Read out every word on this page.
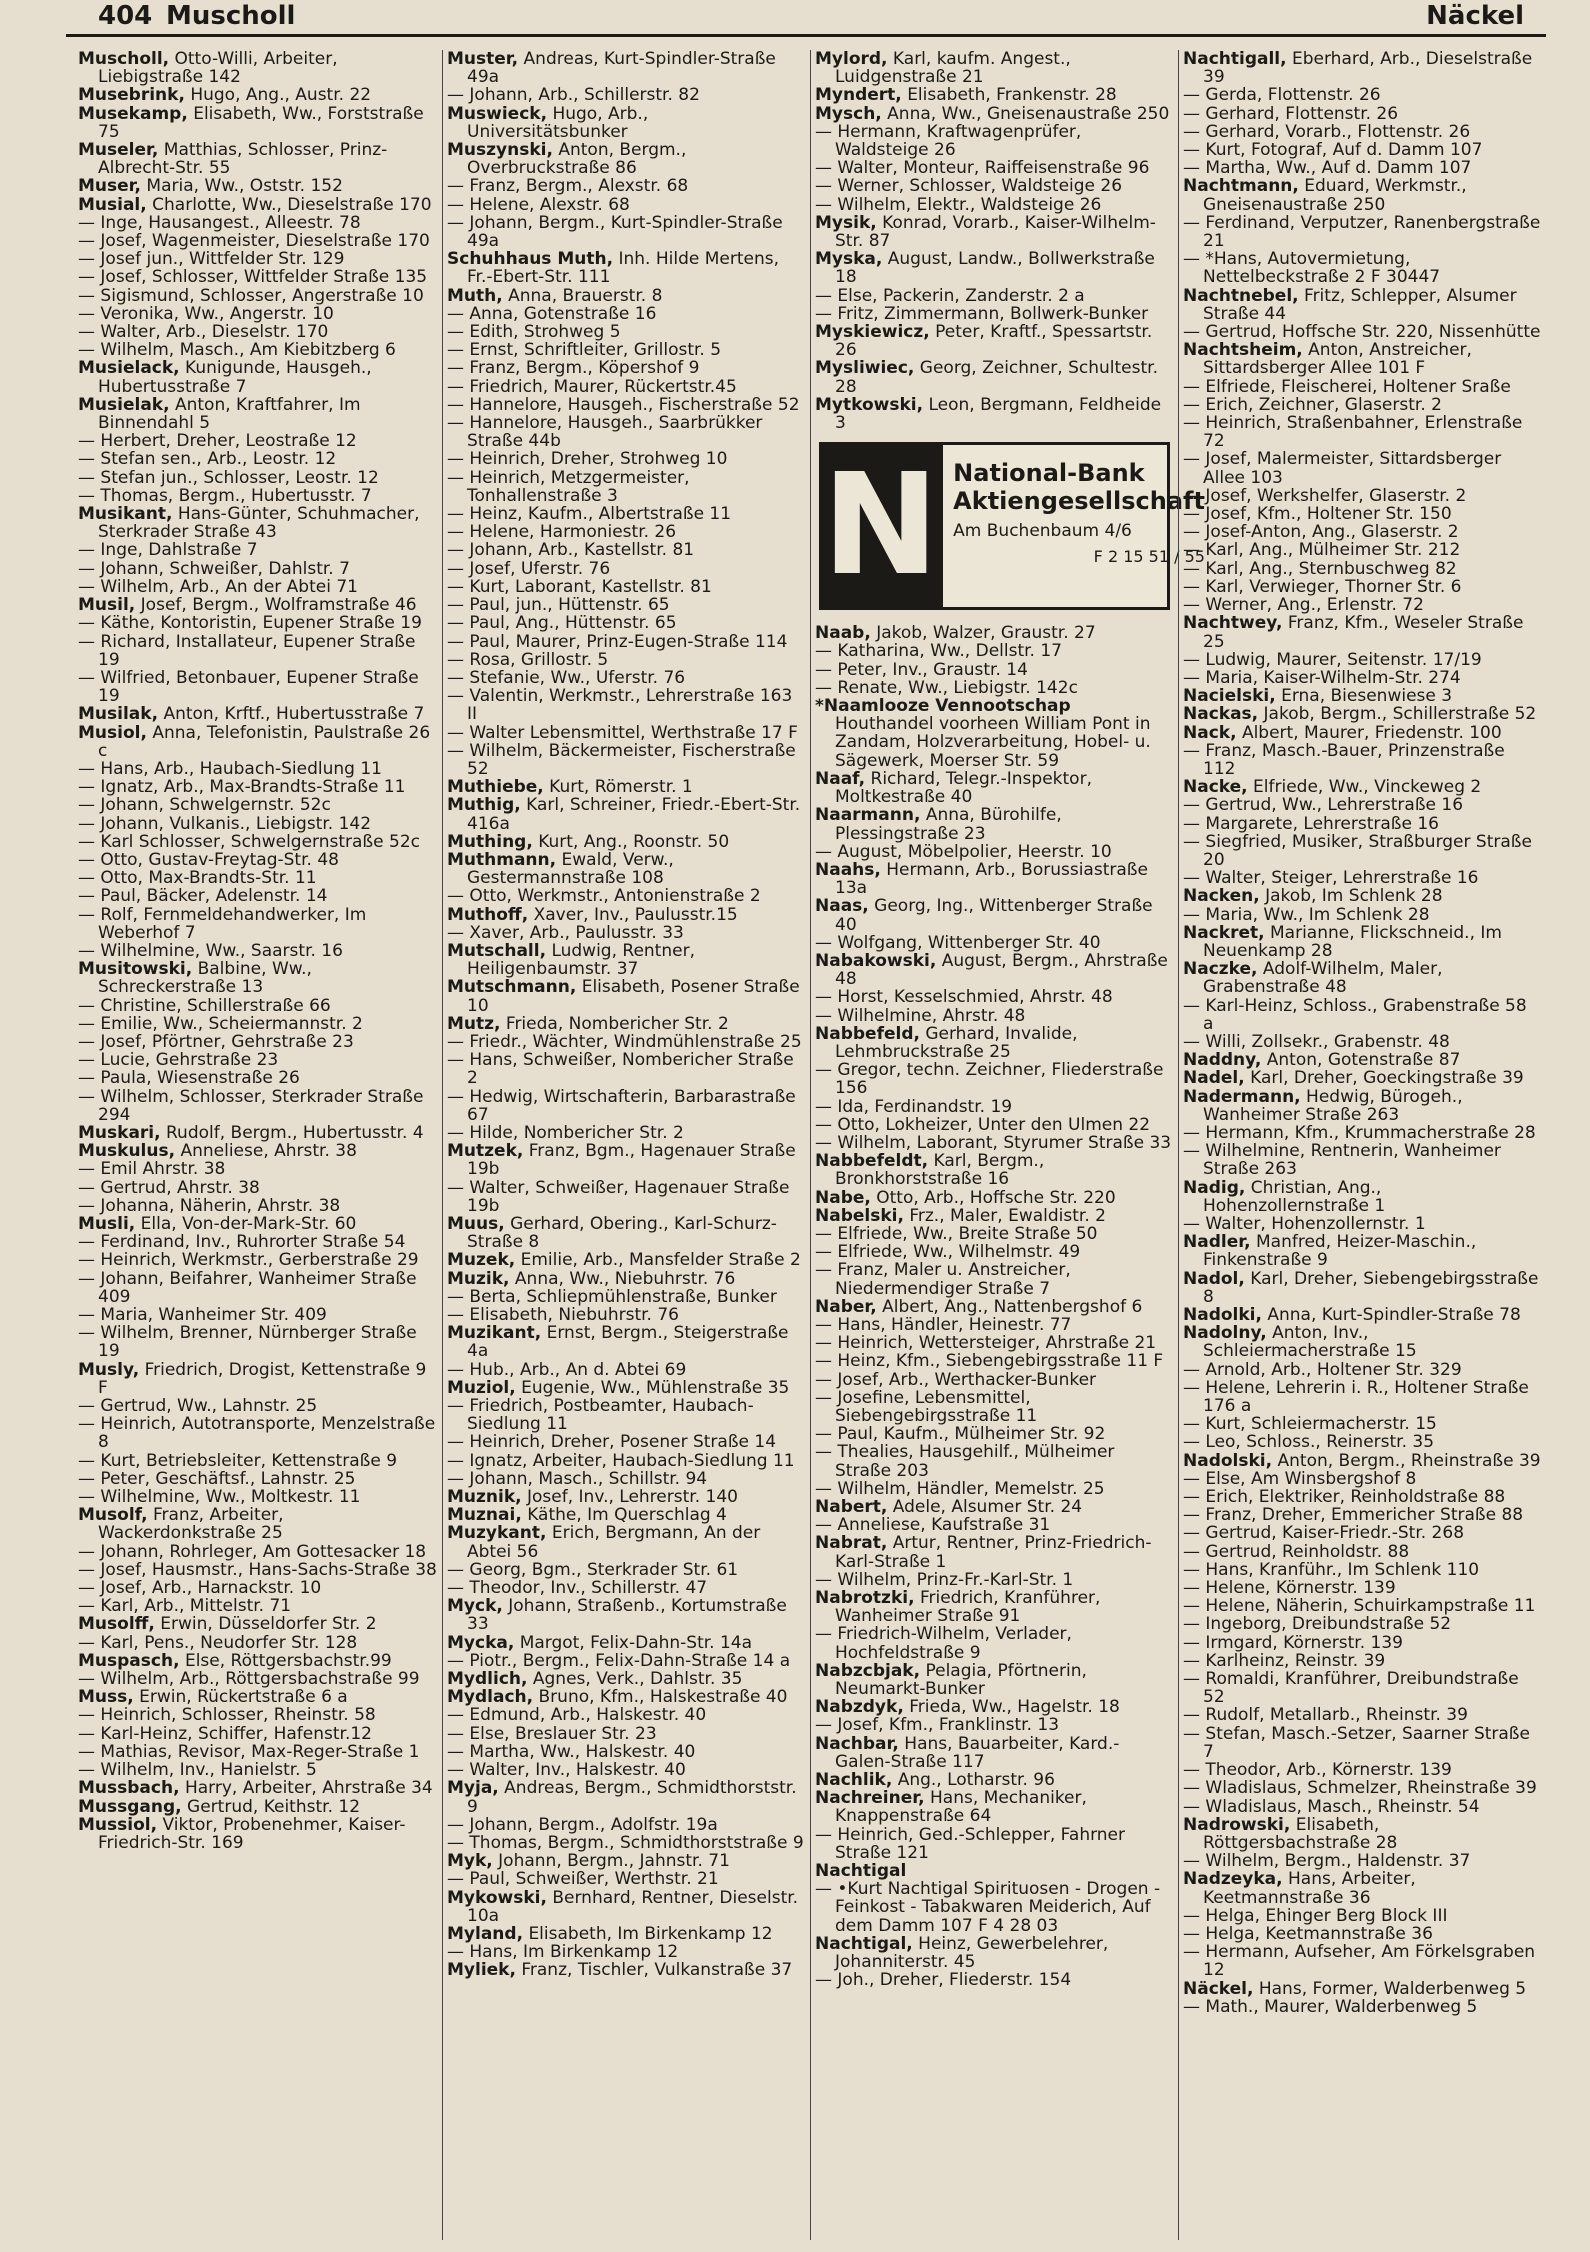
404 Muscholl	Näckel

Muscholl, Otto-Willi, Arbeiter, Liebigstraße 142

Musebrink, Hugo, Ang., Austr. 22

Musekamp, Elisabeth, Ww., Forststraße 75

Museler, Matthias, Schlosser, Prinz-Albrecht-Str. 55

Muser, Maria, Ww., Oststr. 152

Musial, Charlotte, Ww., Dieselstraße 170

— Inge, Hausangest., Alleestr. 78

— Josef, Wagenmeister, Dieselstraße 170

— Josef jun., Wittfelder Str. 129

— Josef, Schlosser, Wittfelder Straße 135

— Sigismund, Schlosser, Angerstraße 10

— Veronika, Ww., Angerstr. 10

— Walter, Arb., Dieselstr. 170

— Wilhelm, Masch., Am Kiebitzberg 6

Musielack, Kunigunde, Hausgeh., Hubertusstraße 7

Musielak, Anton, Kraftfahrer, Im Binnendahl 5

— Herbert, Dreher, Leostraße 12

— Stefan sen., Arb., Leostr. 12

— Stefan jun., Schlosser, Leostr. 12

— Thomas, Bergm., Hubertusstr. 7

Musikant, Hans-Günter, Schuhmacher, Sterkrader Straße 43

— Inge, Dahlstraße 7

— Johann, Schweißer, Dahlstr. 7

— Wilhelm, Arb., An der Abtei 71

Musil, Josef, Bergm., Wolframstraße 46

— Käthe, Kontoristin, Eupener Straße 19

— Richard, Installateur, Eupener Straße 19

— Wilfried, Betonbauer, Eupener Straße 19

Musilak, Anton, Krftf., Hubertusstraße 7

Musiol, Anna, Telefonistin, Paulstraße 26 c

— Hans, Arb., Haubach-Siedlung 11

— Ignatz, Arb., Max-Brandts-Straße 11

— Johann, Schwelgernstr. 52c

— Johann, Vulkanis., Liebigstr. 142

— Karl Schlosser, Schwelgernstraße 52c

— Otto, Gustav-Freytag-Str. 48

— Otto, Max-Brandts-Str. 11

— Paul, Bäcker, Adelenstr. 14

— Rolf, Fernmeldehandwerker, Im Weberhof 7

— Wilhelmine, Ww., Saarstr. 16

Musitowski, Balbine, Ww., Schreckerstraße 13

— Christine, Schillerstraße 66

— Emilie, Ww., Scheiermannstr. 2

— Josef, Pförtner, Gehrstraße 23

— Lucie, Gehrstraße 23

— Paula, Wiesenstraße 26

— Wilhelm, Schlosser, Sterkrader Straße 294

Muskari, Rudolf, Bergm., Hubertusstr. 4

Muskulus, Anneliese, Ahrstr. 38

— Emil Ahrstr. 38

— Gertrud, Ahrstr. 38

— Johanna, Näherin, Ahrstr. 38

Musli, Ella, Von-der-Mark-Str. 60

— Ferdinand, Inv., Ruhrorter Straße 54

— Heinrich, Werkmstr., Gerberstraße 29

— Johann, Beifahrer, Wanheimer Straße 409

— Maria, Wanheimer Str. 409

— Wilhelm, Brenner, Nürnberger Straße 19

Musly, Friedrich, Drogist, Kettenstraße 9 F

— Gertrud, Ww., Lahnstr. 25

— Heinrich, Autotransporte, Menzelstraße 8

— Kurt, Betriebsleiter, Kettenstraße 9

— Peter, Geschäftsf., Lahnstr. 25

— Wilhelmine, Ww., Moltkestr. 11

Musolf, Franz, Arbeiter, Wackerdonkstraße 25

— Johann, Rohrleger, Am Gottesacker 18

— Josef, Hausmstr., Hans-Sachs-Straße 38

— Josef, Arb., Harnackstr. 10

— Karl, Arb., Mittelstr. 71

Musolff, Erwin, Düsseldorfer Str. 2

— Karl, Pens., Neudorfer Str. 128

Muspasch, Else, Röttgersbachstr.99

— Wilhelm, Arb., Röttgersbachstraße 99

Muss, Erwin, Rückertstraße 6 a

— Heinrich, Schlosser, Rheinstr. 58

— Karl-Heinz, Schiffer, Hafenstr.12

— Mathias, Revisor, Max-Reger-Straße 1

— Wilhelm, Inv., Hanielstr. 5

Mussbach, Harry, Arbeiter, Ahrstraße 34

Mussgang, Gertrud, Keithstr. 12

Mussiol, Viktor, Probenehmer, Kaiser-Friedrich-Str. 169

Muster, Andreas, Kurt-Spindler-Straße 49a

— Johann, Arb., Schillerstr. 82

Muswieck, Hugo, Arb., Universitätsbunker

Muszynski, Anton, Bergm., Overbruckstraße 86

— Franz, Bergm., Alexstr. 68

— Helene, Alexstr. 68

— Johann, Bergm., Kurt-Spindler-Straße 49a

Schuhhaus Muth, Inh. Hilde Mertens, Fr.-Ebert-Str. 111

Muth, Anna, Brauerstr. 8

— Anna, Gotenstraße 16

— Edith, Strohweg 5

— Ernst, Schriftleiter, Grillostr. 5

— Franz, Bergm., Köpershof 9

— Friedrich, Maurer, Rückertstr.45

— Hannelore, Hausgeh., Fischerstraße 52

— Hannelore, Hausgeh., Saarbrükker Straße 44b

— Heinrich, Dreher, Strohweg 10

— Heinrich, Metzgermeister, Tonhallenstraße 3

— Heinz, Kaufm., Albertstraße 11

— Helene, Harmoniestr. 26

— Johann, Arb., Kastellstr. 81

— Josef, Uferstr. 76

— Kurt, Laborant, Kastellstr. 81

— Paul, jun., Hüttenstr. 65

— Paul, Ang., Hüttenstr. 65

— Paul, Maurer, Prinz-Eugen-Straße 114

— Rosa, Grillostr. 5

— Stefanie, Ww., Uferstr. 76

— Valentin, Werkmstr., Lehrerstraße 163 II

— Walter Lebensmittel, Werthstraße 17 F

— Wilhelm, Bäckermeister, Fischerstraße 52

Muthiebe, Kurt, Römerstr. 1

Muthig, Karl, Schreiner, Friedr.-Ebert-Str. 416a

Muthing, Kurt, Ang., Roonstr. 50

Muthmann, Ewald, Verw., Gestermannstraße 108

— Otto, Werkmstr., Antonienstraße 2

Muthoff, Xaver, Inv., Paulusstr.15

— Xaver, Arb., Paulusstr. 33

Mutschall, Ludwig, Rentner, Heiligenbaumstr. 37

Mutschmann, Elisabeth, Posener Straße 10

Mutz, Frieda, Nombericher Str. 2

— Friedr., Wächter, Windmühlenstraße 25

— Hans, Schweißer, Nombericher Straße 2

— Hedwig, Wirtschafterin, Barbarastraße 67

— Hilde, Nombericher Str. 2

Mutzek, Franz, Bgm., Hagenauer Straße 19b

— Walter, Schweißer, Hagenauer Straße 19b

Muus, Gerhard, Obering., Karl-Schurz-Straße 8

Muzek, Emilie, Arb., Mansfelder Straße 2

Muzik, Anna, Ww., Niebuhrstr. 76

— Berta, Schliepmühlenstraße, Bunker

— Elisabeth, Niebuhrstr. 76

Muzikant, Ernst, Bergm., Steigerstraße 4a

— Hub., Arb., An d. Abtei 69

Muziol, Eugenie, Ww., Mühlenstraße 35

— Friedrich, Postbeamter, Haubach-Siedlung 11

— Heinrich, Dreher, Posener Straße 14

— Ignatz, Arbeiter, Haubach-Siedlung 11

— Johann, Masch., Schillstr. 94

Muznik, Josef, Inv., Lehrerstr. 140

Muznai, Käthe, Im Querschlag 4

Muzykant, Erich, Bergmann, An der Abtei 56

— Georg, Bgm., Sterkrader Str. 61

— Theodor, Inv., Schillerstr. 47

Myck, Johann, Straßenb., Kortumstraße 33

Mycka, Margot, Felix-Dahn-Str. 14a

— Piotr., Bergm., Felix-Dahn-Straße 14 a

Mydlich, Agnes, Verk., Dahlstr. 35

Mydlach, Bruno, Kfm., Halskestraße 40

— Edmund, Arb., Halskestr. 40

— Else, Breslauer Str. 23

— Martha, Ww., Halskestr. 40

— Walter, Inv., Halskestr. 40

Myja, Andreas, Bergm., Schmidthorststr. 9

— Johann, Bergm., Adolfstr. 19a

— Thomas, Bergm., Schmidthorststraße 9

Myk, Johann, Bergm., Jahnstr. 71

— Paul, Schweißer, Werthstr. 21

Mykowski, Bernhard, Rentner, Dieselstr. 10a

Myland, Elisabeth, Im Birkenkamp 12

— Hans, Im Birkenkamp 12

Myliek, Franz, Tischler, Vulkanstraße 37

Mylord, Karl, kaufm. Angest., Luidgenstraße 21

Myndert, Elisabeth, Frankenstr. 28

Mysch, Anna, Ww., Gneisenaustraße 250

— Hermann, Kraftwagenprüfer, Waldsteige 26

— Walter, Monteur, Raiffeisenstraße 96

— Werner, Schlosser, Waldsteige 26

— Wilhelm, Elektr., Waldsteige 26

Mysik, Konrad, Vorarb., Kaiser-Wilhelm-Str. 87

Myska, August, Landw., Bollwerkstraße 18

— Else, Packerin, Zanderstr. 2 a

— Fritz, Zimmermann, Bollwerk-Bunker

Myskiewicz, Peter, Kraftf., Spessartstr. 26

Mysliwiec, Georg, Zeichner, Schultestr. 28

Mytkowski, Leon, Bergmann, Feldheide 3

N National-Bank
Aktiengesellschaft
Am Buchenbaum 4/6
F 2 15 51 / 55

Naab, Jakob, Walzer, Graustr. 27

— Katharina, Ww., Dellstr. 17

— Peter, Inv., Graustr. 14

— Renate, Ww., Liebigstr. 142c

*Naamlooze Vennootschap Houthandel voorheen William Pont in Zandam, Holzverarbeitung, Hobel- u. Sägewerk, Moerser Str. 59

Naaf, Richard, Telegr.-Inspektor, Moltkestraße 40

Naarmann, Anna, Bürohilfe, Plessingstraße 23

— August, Möbelpolier, Heerstr. 10

Naahs, Hermann, Arb., Borussiastraße 13a

Naas, Georg, Ing., Wittenberger Straße 40

— Wolfgang, Wittenberger Str. 40

Nabakowski, August, Bergm., Ahrstraße 48

— Horst, Kesselschmied, Ahrstr. 48

— Wilhelmine, Ahrstr. 48

Nabbefeld, Gerhard, Invalide, Lehmbruckstraße 25

— Gregor, techn. Zeichner, Fliederstraße 156

— Ida, Ferdinandstr. 19

— Otto, Lokheizer, Unter den Ulmen 22

— Wilhelm, Laborant, Styrumer Straße 33

Nabbefeldt, Karl, Bergm., Bronkhorststraße 16

Nabe, Otto, Arb., Hoffsche Str. 220

Nabelski, Frz., Maler, Ewaldistr. 2

— Elfriede, Ww., Breite Straße 50

— Elfriede, Ww., Wilhelmstr. 49

— Franz, Maler u. Anstreicher, Niedermendiger Straße 7

Naber, Albert, Ang., Nattenbergshof 6

— Hans, Händler, Heinestr. 77

— Heinrich, Wettersteiger, Ahrstraße 21

— Heinz, Kfm., Siebengebirgsstraße 11 F

— Josef, Arb., Werthacker-Bunker

— Josefine, Lebensmittel, Siebengebirgsstraße 11

— Paul, Kaufm., Mülheimer Str. 92

— Thealies, Hausgehilf., Mülheimer Straße 203

— Wilhelm, Händler, Memelstr. 25

Nabert, Adele, Alsumer Str. 24

— Anneliese, Kaufstraße 31

Nabrat, Artur, Rentner, Prinz-Friedrich-Karl-Straße 1

— Wilhelm, Prinz-Fr.-Karl-Str. 1

Nabrotzki, Friedrich, Kranführer, Wanheimer Straße 91

— Friedrich-Wilhelm, Verlader, Hochfeldstraße 9

Nabzcbjak, Pelagia, Pförtnerin, Neumarkt-Bunker

Nabzdyk, Frieda, Ww., Hagelstr. 18

— Josef, Kfm., Franklinstr. 13

Nachbar, Hans, Bauarbeiter, Kard.-Galen-Straße 117

Nachlik, Ang., Lotharstr. 96

Nachreiner, Hans, Mechaniker, Knappenstraße 64

— Heinrich, Ged.-Schlepper, Fahrner Straße 121

Nachtigal

— •Kurt Nachtigal Spirituosen - Drogen - Feinkost - Tabakwaren Meiderich, Auf dem Damm 107 F 4 28 03

Nachtigal, Heinz, Gewerbelehrer, Johanniterstr. 45

— Joh., Dreher, Fliederstr. 154

Nachtigall, Eberhard, Arb., Dieselstraße 39

— Gerda, Flottenstr. 26

— Gerhard, Flottenstr. 26

— Gerhard, Vorarb., Flottenstr. 26

— Kurt, Fotograf, Auf d. Damm 107

— Martha, Ww., Auf d. Damm 107

Nachtmann, Eduard, Werkmstr., Gneisenaustraße 250

— Ferdinand, Verputzer, Ranenbergstraße 21

— *Hans, Autovermietung, Nettelbeckstraße 2 F 30447

Nachtnebel, Fritz, Schlepper, Alsumer Straße 44

— Gertrud, Hoffsche Str. 220, Nissenhütte

Nachtsheim, Anton, Anstreicher, Sittardsberger Allee 101 F

— Elfriede, Fleischerei, Holtener Sraße

— Erich, Zeichner, Glaserstr. 2

— Heinrich, Straßenbahner, Erlenstraße 72

— Josef, Malermeister, Sittardsberger Allee 103

— Josef, Werkshelfer, Glaserstr. 2

— Josef, Kfm., Holtener Str. 150

— Josef-Anton, Ang., Glaserstr. 2

— Karl, Ang., Mülheimer Str. 212

— Karl, Ang., Sternbuschweg 82

— Karl, Verwieger, Thorner Str. 6

— Werner, Ang., Erlenstr. 72

Nachtwey, Franz, Kfm., Weseler Straße 25

— Ludwig, Maurer, Seitenstr. 17/19

— Maria, Kaiser-Wilhelm-Str. 274

Nacielski, Erna, Biesenwiese 3

Nackas, Jakob, Bergm., Schillerstraße 52

Nack, Albert, Maurer, Friedenstr. 100

— Franz, Masch.-Bauer, Prinzenstraße 112

Nacke, Elfriede, Ww., Vinckeweg 2

— Gertrud, Ww., Lehrerstraße 16

— Margarete, Lehrerstraße 16

— Siegfried, Musiker, Straßburger Straße 20

— Walter, Steiger, Lehrerstraße 16

Nacken, Jakob, Im Schlenk 28

— Maria, Ww., Im Schlenk 28

Nackret, Marianne, Flickschneid., Im Neuenkamp 28

Naczke, Adolf-Wilhelm, Maler, Grabenstraße 48

— Karl-Heinz, Schloss., Grabenstraße 58 a

— Willi, Zollsekr., Grabenstr. 48

Naddny, Anton, Gotenstraße 87

Nadel, Karl, Dreher, Goeckingstraße 39

Nadermann, Hedwig, Bürogeh., Wanheimer Straße 263

— Hermann, Kfm., Krummacherstraße 28

— Wilhelmine, Rentnerin, Wanheimer Straße 263

Nadig, Christian, Ang., Hohenzollernstraße 1

— Walter, Hohenzollernstr. 1

Nadler, Manfred, Heizer-Maschin., Finkenstraße 9

Nadol, Karl, Dreher, Siebengebirgsstraße 8

Nadolki, Anna, Kurt-Spindler-Straße 78

Nadolny, Anton, Inv., Schleiermacherstraße 15

— Arnold, Arb., Holtener Str. 329

— Helene, Lehrerin i. R., Holtener Straße 176 a

— Kurt, Schleiermacherstr. 15

— Leo, Schloss., Reinerstr. 35

Nadolski, Anton, Bergm., Rheinstraße 39

— Else, Am Winsbergshof 8

— Erich, Elektriker, Reinholdstraße 88

— Franz, Dreher, Emmericher Straße 88

— Gertrud, Kaiser-Friedr.-Str. 268

— Gertrud, Reinholdstr. 88

— Hans, Kranführ., Im Schlenk 110

— Helene, Körnerstr. 139

— Helene, Näherin, Schuirkampstraße 11

— Ingeborg, Dreibundstraße 52

— Irmgard, Körnerstr. 139

— Karlheinz, Reinstr. 39

— Romaldi, Kranführer, Dreibundstraße 52

— Rudolf, Metallarb., Rheinstr. 39

— Stefan, Masch.-Setzer, Saarner Straße 7

— Theodor, Arb., Körnerstr. 139

— Wladislaus, Schmelzer, Rheinstraße 39

— Wladislaus, Masch., Rheinstr. 54

Nadrowski, Elisabeth, Röttgersbachstraße 28

— Wilhelm, Bergm., Haldenstr. 37

Nadzeyka, Hans, Arbeiter, Keetmannstraße 36

— Helga, Ehinger Berg Block III

— Helga, Keetmannstraße 36

— Hermann, Aufseher, Am Förkelsgraben 12

Näckel, Hans, Former, Walderbenweg 5

— Math., Maurer, Walderbenweg 5
